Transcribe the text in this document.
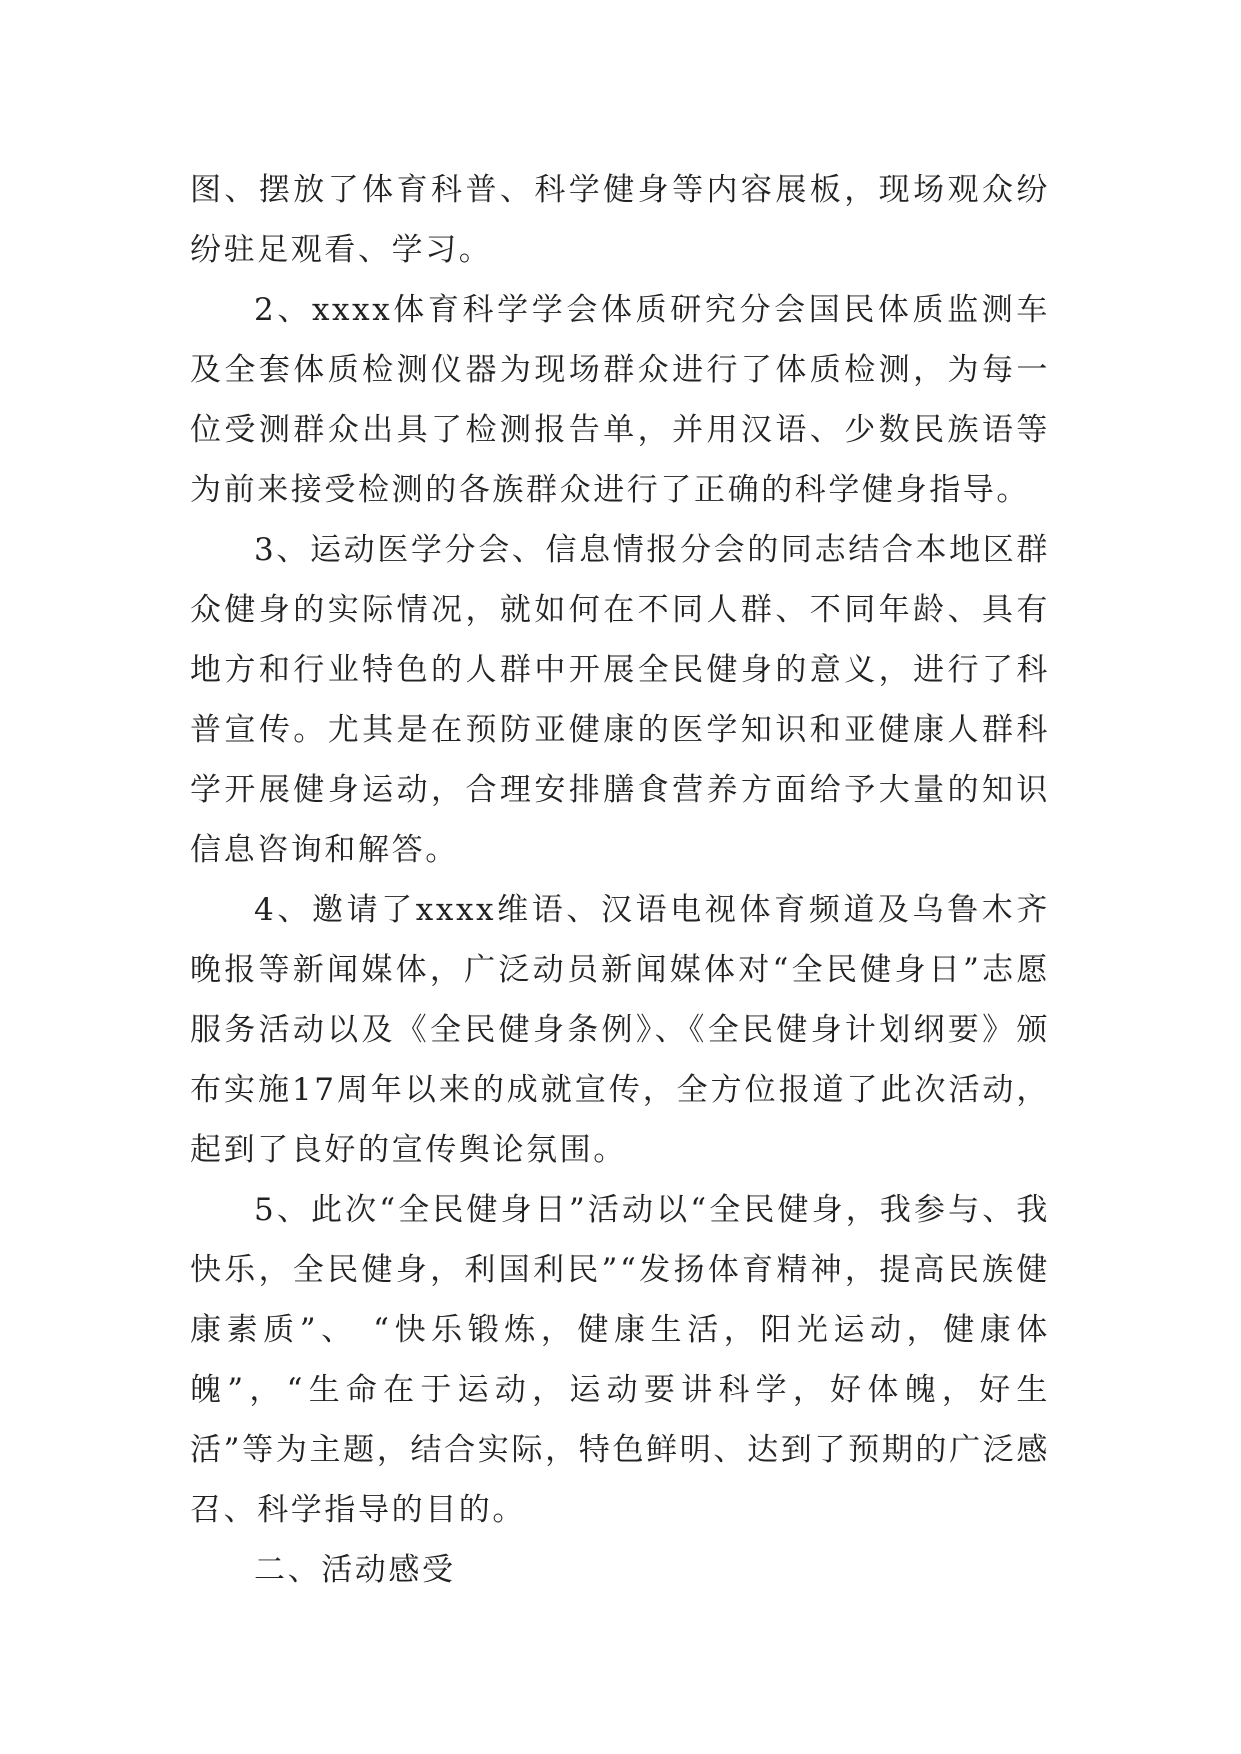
图、摆放了体育科普、科学健身等内容展板，现场观众纷纷驻足观看、学习。

2、xxxx体育科学学会体质研究分会国民体质监测车及全套体质检测仪器为现场群众进行了体质检测，为每一位受测群众出具了检测报告单，并用汉语、少数民族语等为前来接受检测的各族群众进行了正确的科学健身指导。

3、运动医学分会、信息情报分会的同志结合本地区群众健身的实际情况，就如何在不同人群、不同年龄、具有地方和行业特色的人群中开展全民健身的意义，进行了科普宣传。尤其是在预防亚健康的医学知识和亚健康人群科学开展健身运动，合理安排膳食营养方面给予大量的知识信息咨询和解答。

4、邀请了xxxx维语、汉语电视体育频道及乌鲁木齐晚报等新闻媒体，广泛动员新闻媒体对“全民健身日”志愿服务活动以及《全民健身条例》、《全民健身计划纲要》颁布实施17周年以来的成就宣传，全方位报道了此次活动，起到了良好的宣传舆论氛围。

5、此次“全民健身日”活动以“全民健身，我参与、我快乐，全民健身，利国利民”“发扬体育精神，提高民族健康素质”、 “快乐锻炼，健康生活，阳光运动，健康体魄”，“生命在于运动，运动要讲科学，好体魄，好生活”等为主题，结合实际，特色鲜明、达到了预期的广泛感召、科学指导的目的。

二、活动感受
